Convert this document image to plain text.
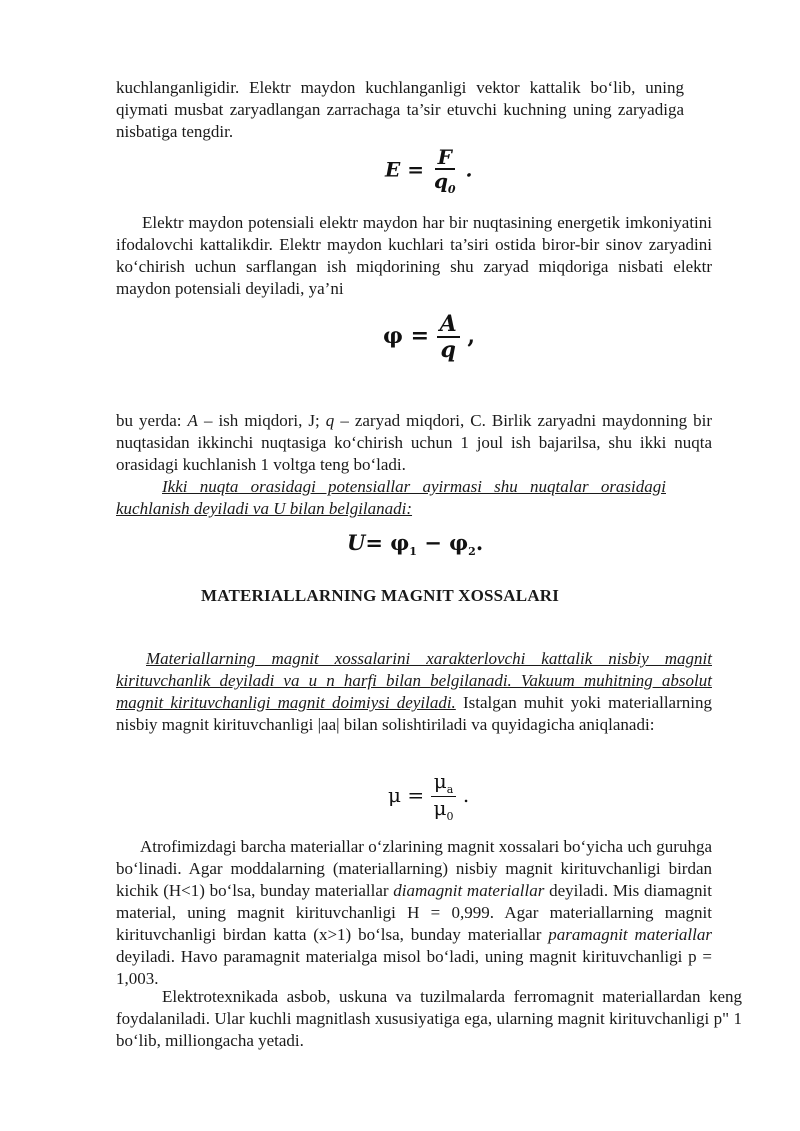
kuchlanganligidir. Elektr maydon kuchlanganligi vektor kattalik bo‘lib, uning qiymati musbat zaryadlangan zarrachaga ta’sir etuvchi kuchning uning zaryadiga nisbatiga tengdir.

$E = \frac{F}{q_0}$ .

Elektr maydon potensiali elektr maydon har bir nuqtasining energetik imkoniyatini ifodalovchi kattalikdir. Elektr maydon kuchlari ta’siri ostida biror-bir sinov zaryadini ko‘chirish uchun sarflangan ish miqdorining shu zaryad miqdoriga nisbati elektr maydon potensiali deyiladi, ya’ni

$\varphi = \frac{A}{q}$ ,

bu yerda: A – ish miqdori, J; q – zaryad miqdori, C. Birlik zaryadni maydonning bir nuqtasidan ikkinchi nuqtasiga ko‘chirish uchun 1 joul ish bajarilsa, shu ikki nuqta orasidagi kuchlanish 1 voltga teng bo‘ladi.

Ikki nuqta orasidagi potensiallar ayirmasi shu nuqtalar orasidagi kuchlanish deyiladi va U bilan belgilanadi:

$U= \varphi_1 - \varphi_2$.
MATERIALLARNING MAGNIT XOSSALARI

Materiallarning magnit xossalarini xarakterlovchi kattalik nisbiy magnit kirituvchanlik deyiladi va u n harfi bilan belgilanadi. Vakuum muhitning absolut magnit kirituvchanligi magnit doimiysi deyiladi. Istalgan muhit yoki materiallarning nisbiy magnit kirituvchanligi |aa| bilan solishtiriladi va quyidagicha aniqlanadi:

$\mu = \frac{\mu_a}{\mu_0}$ .

Atrofimizdagi barcha materiallar o‘zlarining magnit xossalari bo‘yicha uch guruhga bo‘linadi. Agar moddalarning (materiallarning) nisbiy magnit kirituvchanligi birdan kichik (H<1) bo‘lsa, bunday materiallar diamagnit materiallar deyiladi. Mis diamagnit material, uning magnit kirituvchanligi H = 0,999. Agar materiallarning magnit kirituvchanligi birdan katta (x>1) bo‘lsa, bunday materiallar paramagnit materiallar deyiladi. Havo paramagnit materialga misol bo‘ladi, uning magnit kirituvchanligi p = 1,003.

Elektrotexnikada asbob, uskuna va tuzilmalarda ferromagnit materiallardan keng foydalaniladi. Ular kuchli magnitlash xususiyatiga ega, ularning magnit kirituvchanligi p" 1 bo‘lib, milliongacha yetadi.
